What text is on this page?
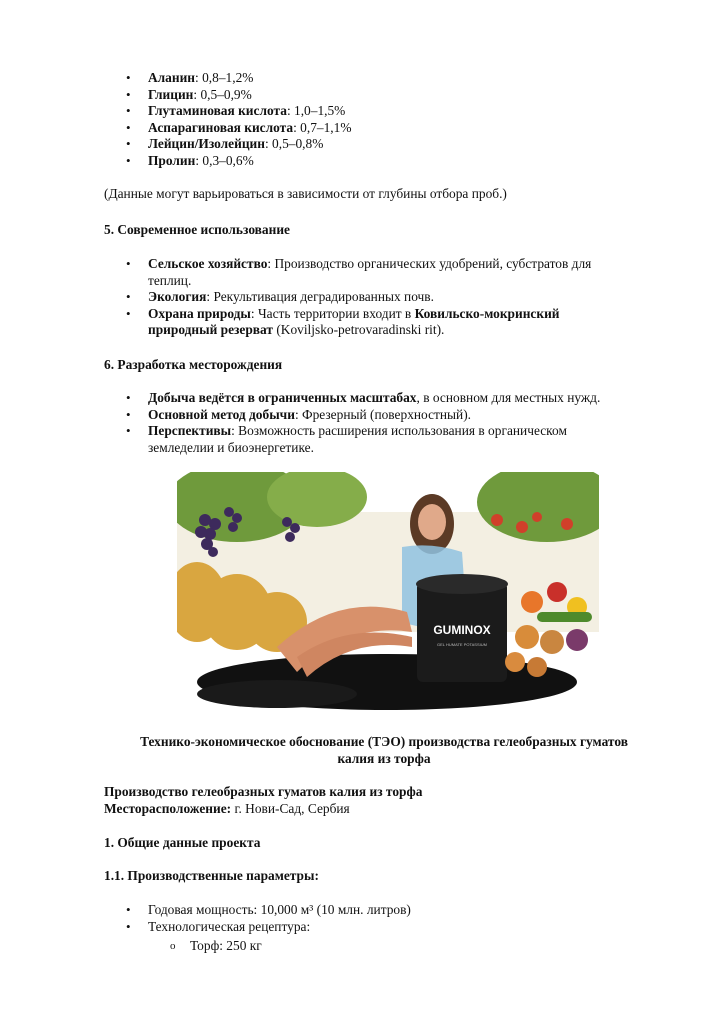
• Аланин: 0,8–1,2%
• Глицин: 0,5–0,9%
• Глутаминовая кислота: 1,0–1,5%
• Аспарагиновая кислота: 0,7–1,1%
• Лейцин/Изолейцин: 0,5–0,8%
• Пролин: 0,3–0,6%
(Данные могут варьироваться в зависимости от глубины отбора проб.)
5. Современное использование
• Сельское хозяйство: Производство органических удобрений, субстратов для
теплиц.
• Экология: Рекультивация деградированных почв.
• Охрана природы: Часть территории входит в Ковильско-мокринский
природный резерват (Koviljsko-petrovaradinski rit).
6. Разработка месторождения
• Добыча ведётся в ограниченных масштабах, в основном для местных нужд.
• Основной метод добычи: Фрезерный (поверхностный).
• Перспективы: Возможность расширения использования в органическом
земледелии и биоэнергетике.
GUMINOX
GEL HUMATE POTASSIUM
Технико-экономическое обоснование (ТЭО) производства гелеобразных гуматов
калия из торфа
Производство гелеобразных гуматов калия из торфа
Месторасположение: г. Нови-Сад, Сербия
1. Общие данные проекта
1.1. Производственные параметры:
• Годовая мощность: 10,000 м³ (10 млн. литров)
• Технологическая рецептура:
o Торф: 250 кг
